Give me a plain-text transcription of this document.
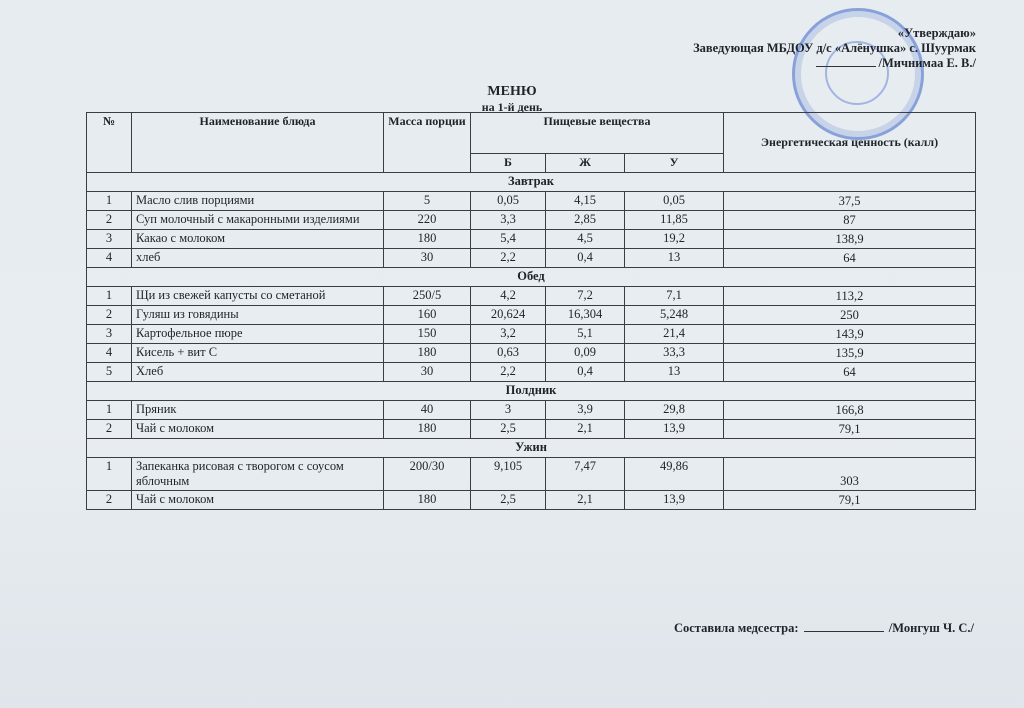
«Утверждаю»
Заведующая МБДОУ д/с «Алёнушка» с. Шуурмак
/Мичнимаа Е. В./
МЕНЮ
на 1-й день
№	Наименование блюда	Масса порции	Пищевые вещества			Энергетическая ценность (калл)
			Б	Ж	У	
Завтрак						
1	Масло слив порциями	5	0,05	4,15	0,05	37,5
2	Суп молочный с макаронными изделиями	220	3,3	2,85	11,85	87
3	Какао с молоком	180	5,4	4,5	19,2	138,9
4	хлеб	30	2,2	0,4	13	64
Обед						
1	Щи из свежей капусты со сметаной	250/5	4,2	7,2	7,1	113,2
2	Гуляш из говядины	160	20,624	16,304	5,248	250
3	Картофельное пюре	150	3,2	5,1	21,4	143,9
4	Кисель + вит С	180	0,63	0,09	33,3	135,9
5	Хлеб	30	2,2	0,4	13	64
Полдник						
1	Пряник	40	3	3,9	29,8	166,8
2	Чай с молоком	180	2,5	2,1	13,9	79,1
Ужин						
1	Запеканка рисовая с творогом с соусом яблочным	200/30	9,105	7,47	49,86	303
2	Чай с молоком	180	2,5	2,1	13,9	79,1
Составила медсестра:	/Монгуш Ч. С./
